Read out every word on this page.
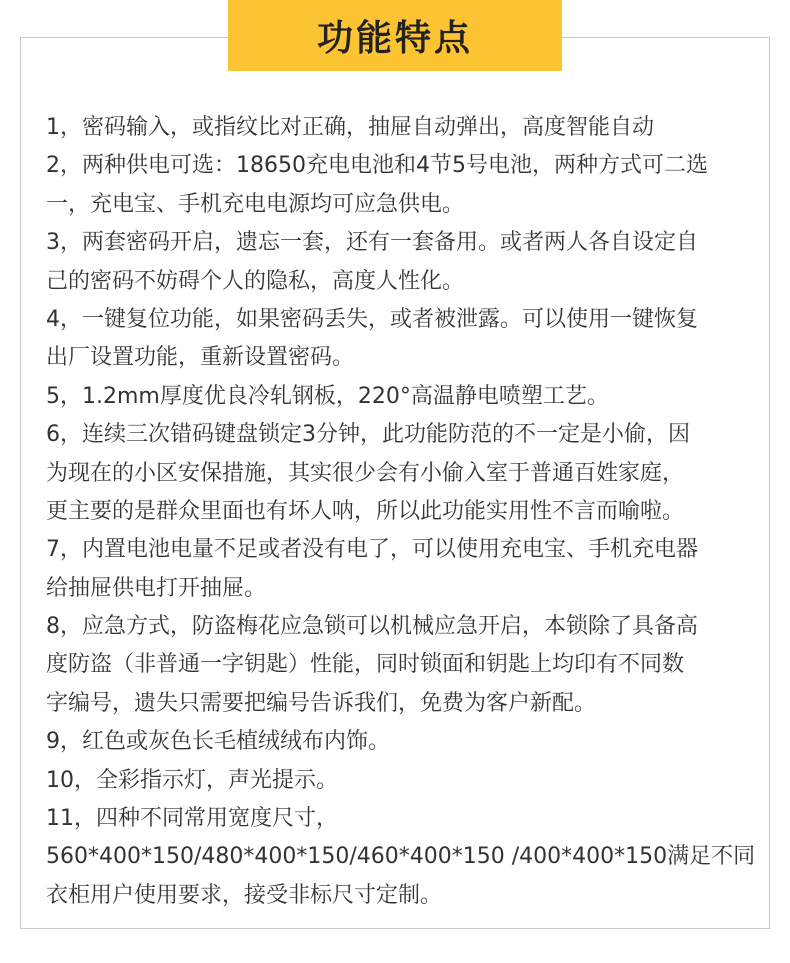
功能特点
1，密码输入，或指纹比对正确，抽屉自动弹出，高度智能自动
2，两种供电可选：18650充电电池和4节5号电池，两种方式可二选
一，充电宝、手机充电电源均可应急供电。
3，两套密码开启，遗忘一套，还有一套备用。或者两人各自设定自
己的密码不妨碍个人的隐私，高度人性化。
4，一键复位功能，如果密码丢失，或者被泄露。可以使用一键恢复
出厂设置功能，重新设置密码。
5，1.2mm厚度优良冷轧钢板，220°高温静电喷塑工艺。
6，连续三次错码键盘锁定3分钟，此功能防范的不一定是小偷，因
为现在的小区安保措施，其实很少会有小偷入室于普通百姓家庭，
更主要的是群众里面也有坏人呐，所以此功能实用性不言而喻啦。
7，内置电池电量不足或者没有电了，可以使用充电宝、手机充电器
给抽屉供电打开抽屉。
8，应急方式，防盗梅花应急锁可以机械应急开启，本锁除了具备高
度防盗（非普通一字钥匙）性能，同时锁面和钥匙上均印有不同数
字编号，遗失只需要把编号告诉我们，免费为客户新配。
9，红色或灰色长毛植绒绒布内饰。
10，全彩指示灯，声光提示。
11，四种不同常用宽度尺寸，
560*400*150/480*400*150/460*400*150 /400*400*150满足不同
衣柜用户使用要求，接受非标尺寸定制。
